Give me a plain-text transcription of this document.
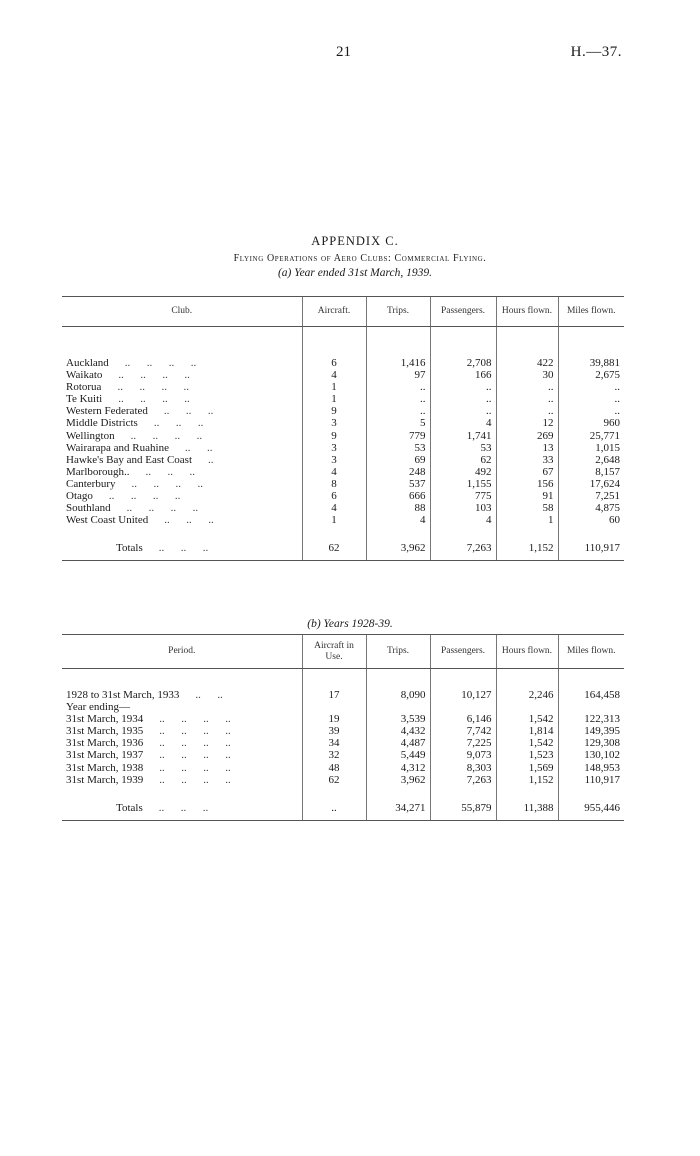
21	H.—37.
APPENDIX C.
Flying Operations of Aero Clubs: Commercial Flying.
(a) Year ended 31st March, 1939.
Club.	Aircraft.	Trips.	Passengers.	Hours flown.	Miles flown.

Auckland ..      ..      ..      ..	6	1,416	2,708	422	39,881
Waikato ..      ..      ..      ..	4	97	166	30	2,675
Rotorua ..      ..      ..      ..	1	..	..	..	..
Te Kuiti ..      ..      ..      ..	1	..	..	..	..
Western Federated ..      ..      ..	9	..	..	..	..
Middle Districts ..      ..      ..	3	5	4	12	960
Wellington ..      ..      ..      ..	9	779	1,741	269	25,771
Wairarapa and Ruahine ..      ..	3	53	53	13	1,015
Hawke's Bay and East Coast ..	3	69	62	33	2,648
Marlborough.. ..      ..      ..	4	248	492	67	8,157
Canterbury ..      ..      ..      ..	8	537	1,155	156	17,624
Otago ..      ..      ..      ..	6	666	775	91	7,251
Southland ..      ..      ..      ..	4	88	103	58	4,875
West Coast United ..      ..      ..	1	4	4	1	60

Totals ..      ..      ..	62	3,962	7,263	1,152	110,917
(b) Years 1928-39.
Period.	Aircraft in Use.	Trips.	Passengers.	Hours flown.	Miles flown.

1928 to 31st March, 1933 ..      ..	17	8,090	10,127	2,246	164,458
Year ending—					
31st March, 1934 ..      ..      ..      ..	19	3,539	6,146	1,542	122,313
31st March, 1935 ..      ..      ..      ..	39	4,432	7,742	1,814	149,395
31st March, 1936 ..      ..      ..      ..	34	4,487	7,225	1,542	129,308
31st March, 1937 ..      ..      ..      ..	32	5,449	9,073	1,523	130,102
31st March, 1938 ..      ..      ..      ..	48	4,312	8,303	1,569	148,953
31st March, 1939 ..      ..      ..      ..	62	3,962	7,263	1,152	110,917

Totals ..      ..      ..	..	34,271	55,879	11,388	955,446
